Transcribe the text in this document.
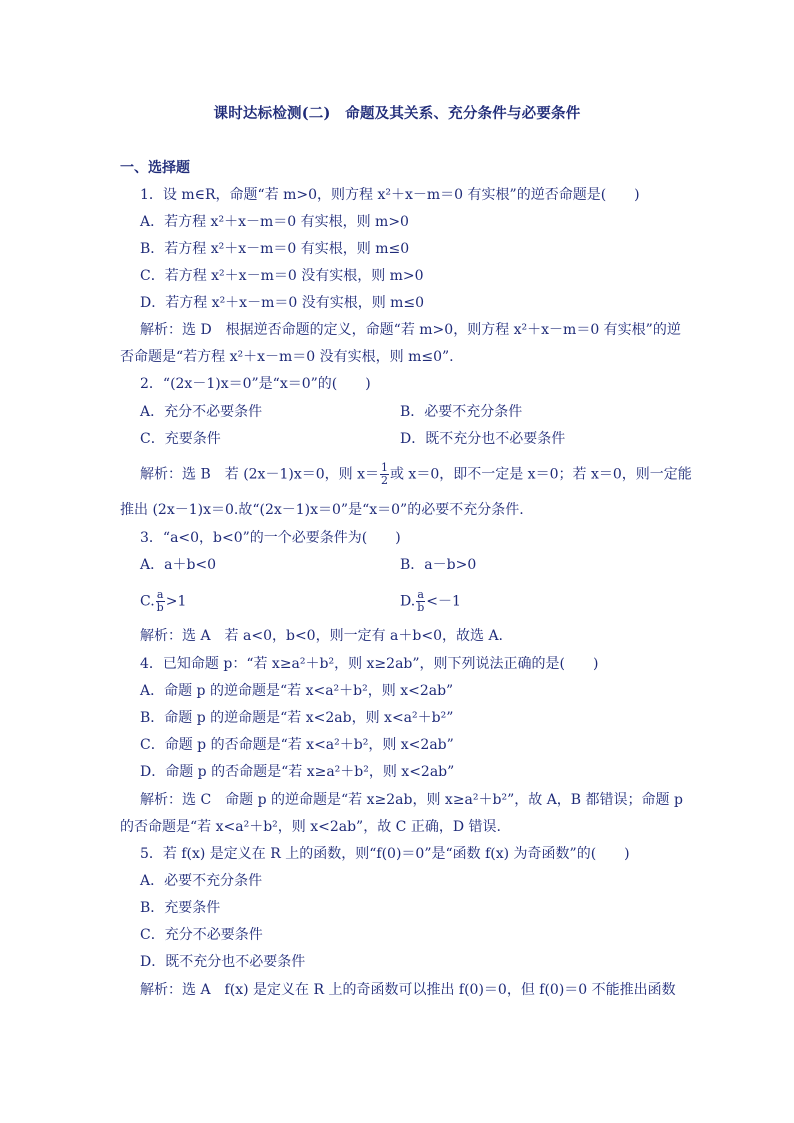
课时达标检测(二)　命题及其关系、充分条件与必要条件
一、选择题
1．设 m∈R，命题“若 m>0，则方程 x²＋x－m＝0 有实根”的逆否命题是(　　)
A．若方程 x²＋x－m＝0 有实根，则 m>0
B．若方程 x²＋x－m＝0 有实根，则 m≤0
C．若方程 x²＋x－m＝0 没有实根，则 m>0
D．若方程 x²＋x－m＝0 没有实根，则 m≤0
解析：选 D　根据逆否命题的定义，命题“若 m>0，则方程 x²＋x－m＝0 有实根”的逆
否命题是“若方程 x²＋x－m＝0 没有实根，则 m≤0”.
2．“(2x－1)x＝0”是“x＝0”的(　　)
A．充分不必要条件	B．必要不充分条件
C．充要条件	D．既不充分也不必要条件
解析：选 B　若 (2x－1)x＝0，则 $x= \frac{1}{2}$ 或 x＝0，即不一定是 x＝0；若 x＝0，则一定能
推出 (2x－1)x＝0.故“(2x－1)x＝0”是“x＝0”的必要不充分条件.
3．“a<0，b<0”的一个必要条件为(　　)
A．a＋b<0	B．a－b>0
C. $\frac{a}{b} >1$	D. $\frac{a}{b} <-1$
解析：选 A　若 a<0，b<0，则一定有 a＋b<0，故选 A.
4．已知命题 p：“若 x≥a²＋b²，则 x≥2ab”，则下列说法正确的是(　　)
A．命题 p 的逆命题是“若 x<a²＋b²，则 x<2ab”
B．命题 p 的逆命题是“若 x<2ab，则 x<a²＋b²”
C．命题 p 的否命题是“若 x<a²＋b²，则 x<2ab”
D．命题 p 的否命题是“若 x≥a²＋b²，则 x<2ab”
解析：选 C　命题 p 的逆命题是“若 x≥2ab，则 x≥a²＋b²”，故 A，B 都错误；命题 p
的否命题是“若 x<a²＋b²，则 x<2ab”，故 C 正确，D 错误.
5．若 f(x) 是定义在 R 上的函数，则“f(0)＝0”是“函数 f(x) 为奇函数”的(　　)
A．必要不充分条件
B．充要条件
C．充分不必要条件
D．既不充分也不必要条件
解析：选 A　f(x) 是定义在 R 上的奇函数可以推出 f(0)＝0，但 f(0)＝0 不能推出函数
